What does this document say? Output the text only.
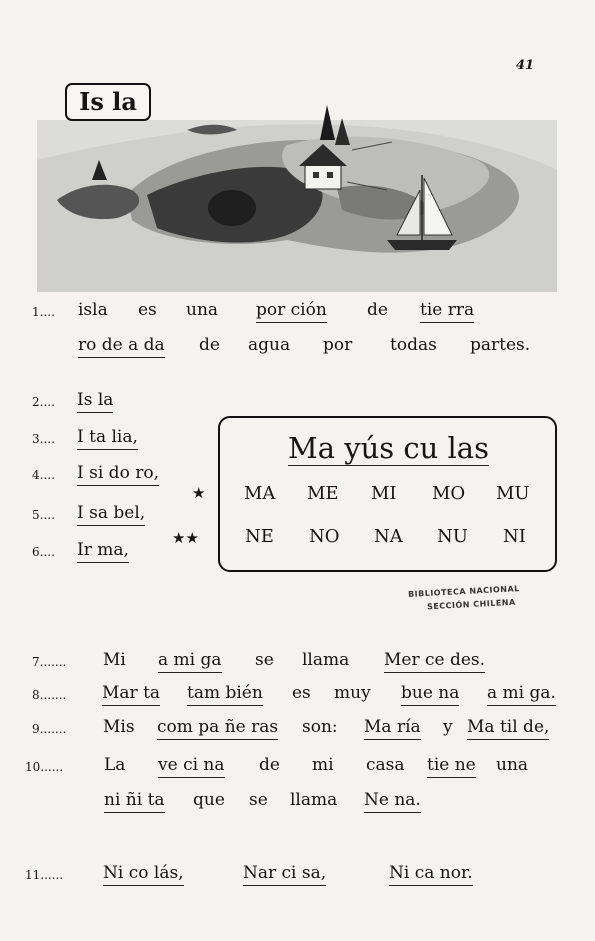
41
Is la
1.... isla es una por ción de tie rra
ro de a da de agua por todas partes.
2.... Is la
3.... I ta lia,
4.... I si do ro,
5.... I sa bel,
6.... Ir ma,
Ma yús cu las
★
★★
MA ME MI MO MU
NE NO NA NU NI
BIBLIOTECA NACIONAL
SECCIÓN CHILENA
7....... Mi a mi ga se llama Mer ce des.
8....... Mar ta tam bién es muy bue na a mi ga.
9....... Mis com pa ñe ras son: Ma ría y Ma til de,
10...... La ve ci na de mi casa tie ne una
ni ñi ta que se llama Ne na.
11...... Ni co lás,	Nar ci sa,	Ni ca nor.
